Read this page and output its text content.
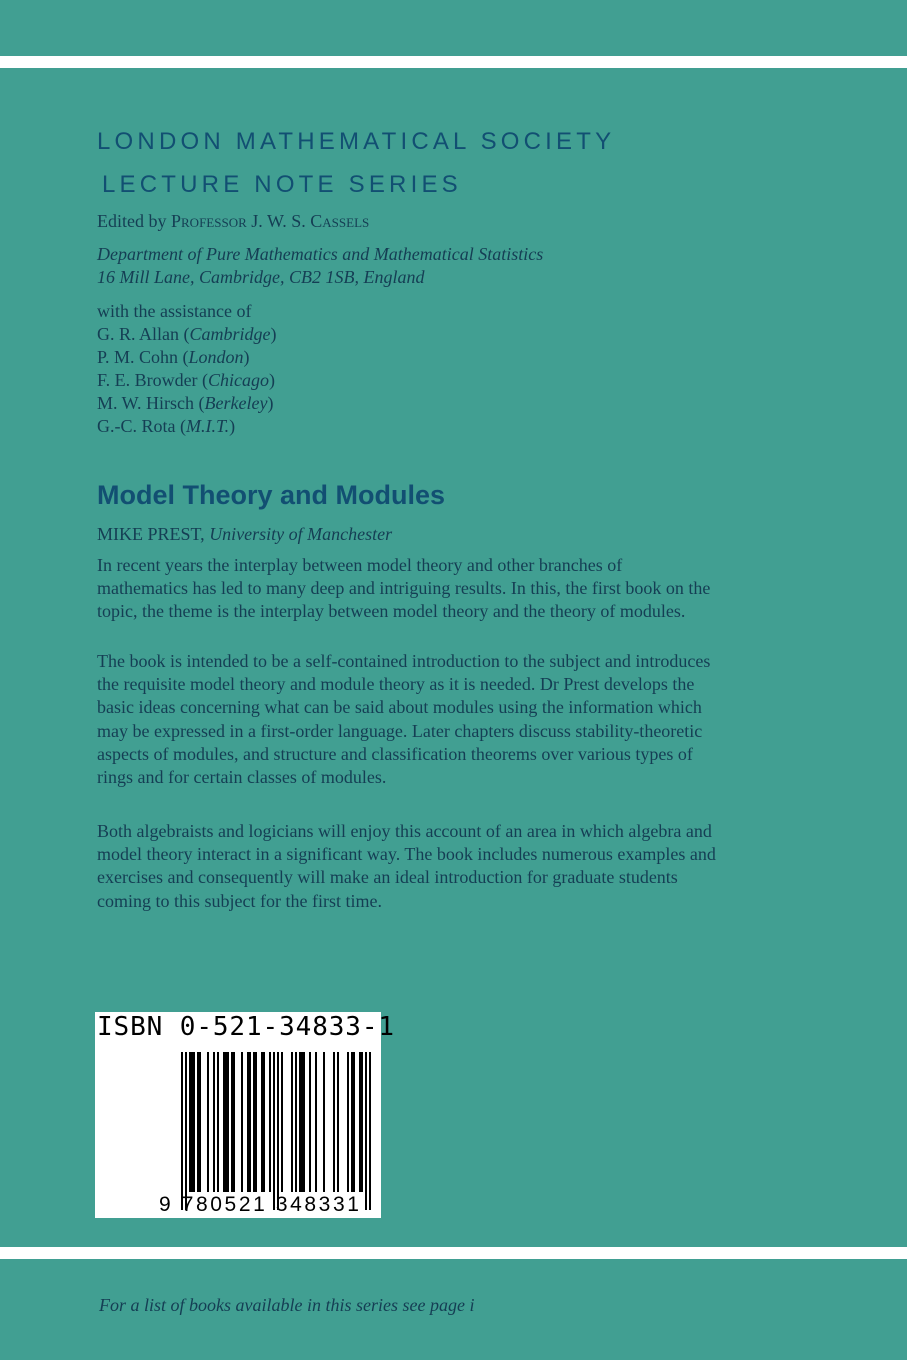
LONDON MATHEMATICAL SOCIETY
LECTURE NOTE SERIES
Edited by Professor J. W. S. Cassels
Department of Pure Mathematics and Mathematical Statistics
16 Mill Lane, Cambridge, CB2 1SB, England
with the assistance of
G. R. Allan (Cambridge)
P. M. Cohn (London)
F. E. Browder (Chicago)
M. W. Hirsch (Berkeley)
G.-C. Rota (M.I.T.)
Model Theory and Modules
MIKE PREST, University of Manchester

In recent years the interplay between model theory and other branches of mathematics has led to many deep and intriguing results. In this, the first book on the topic, the theme is the interplay between model theory and the theory of modules.

The book is intended to be a self-contained introduction to the subject and introduces the requisite model theory and module theory as it is needed. Dr Prest develops the basic ideas concerning what can be said about modules using the information which may be expressed in a first-order language. Later chapters discuss stability-theoretic aspects of modules, and structure and classification theorems over various types of rings and for certain classes of modules.

Both algebraists and logicians will enjoy this account of an area in which algebra and model theory interact in a significant way. The book includes numerous examples and exercises and consequently will make an ideal introduction for graduate students coming to this subject for the first time.

ISBN 0-521-34833-1
9 780521 348331
For a list of books available in this series see page i
